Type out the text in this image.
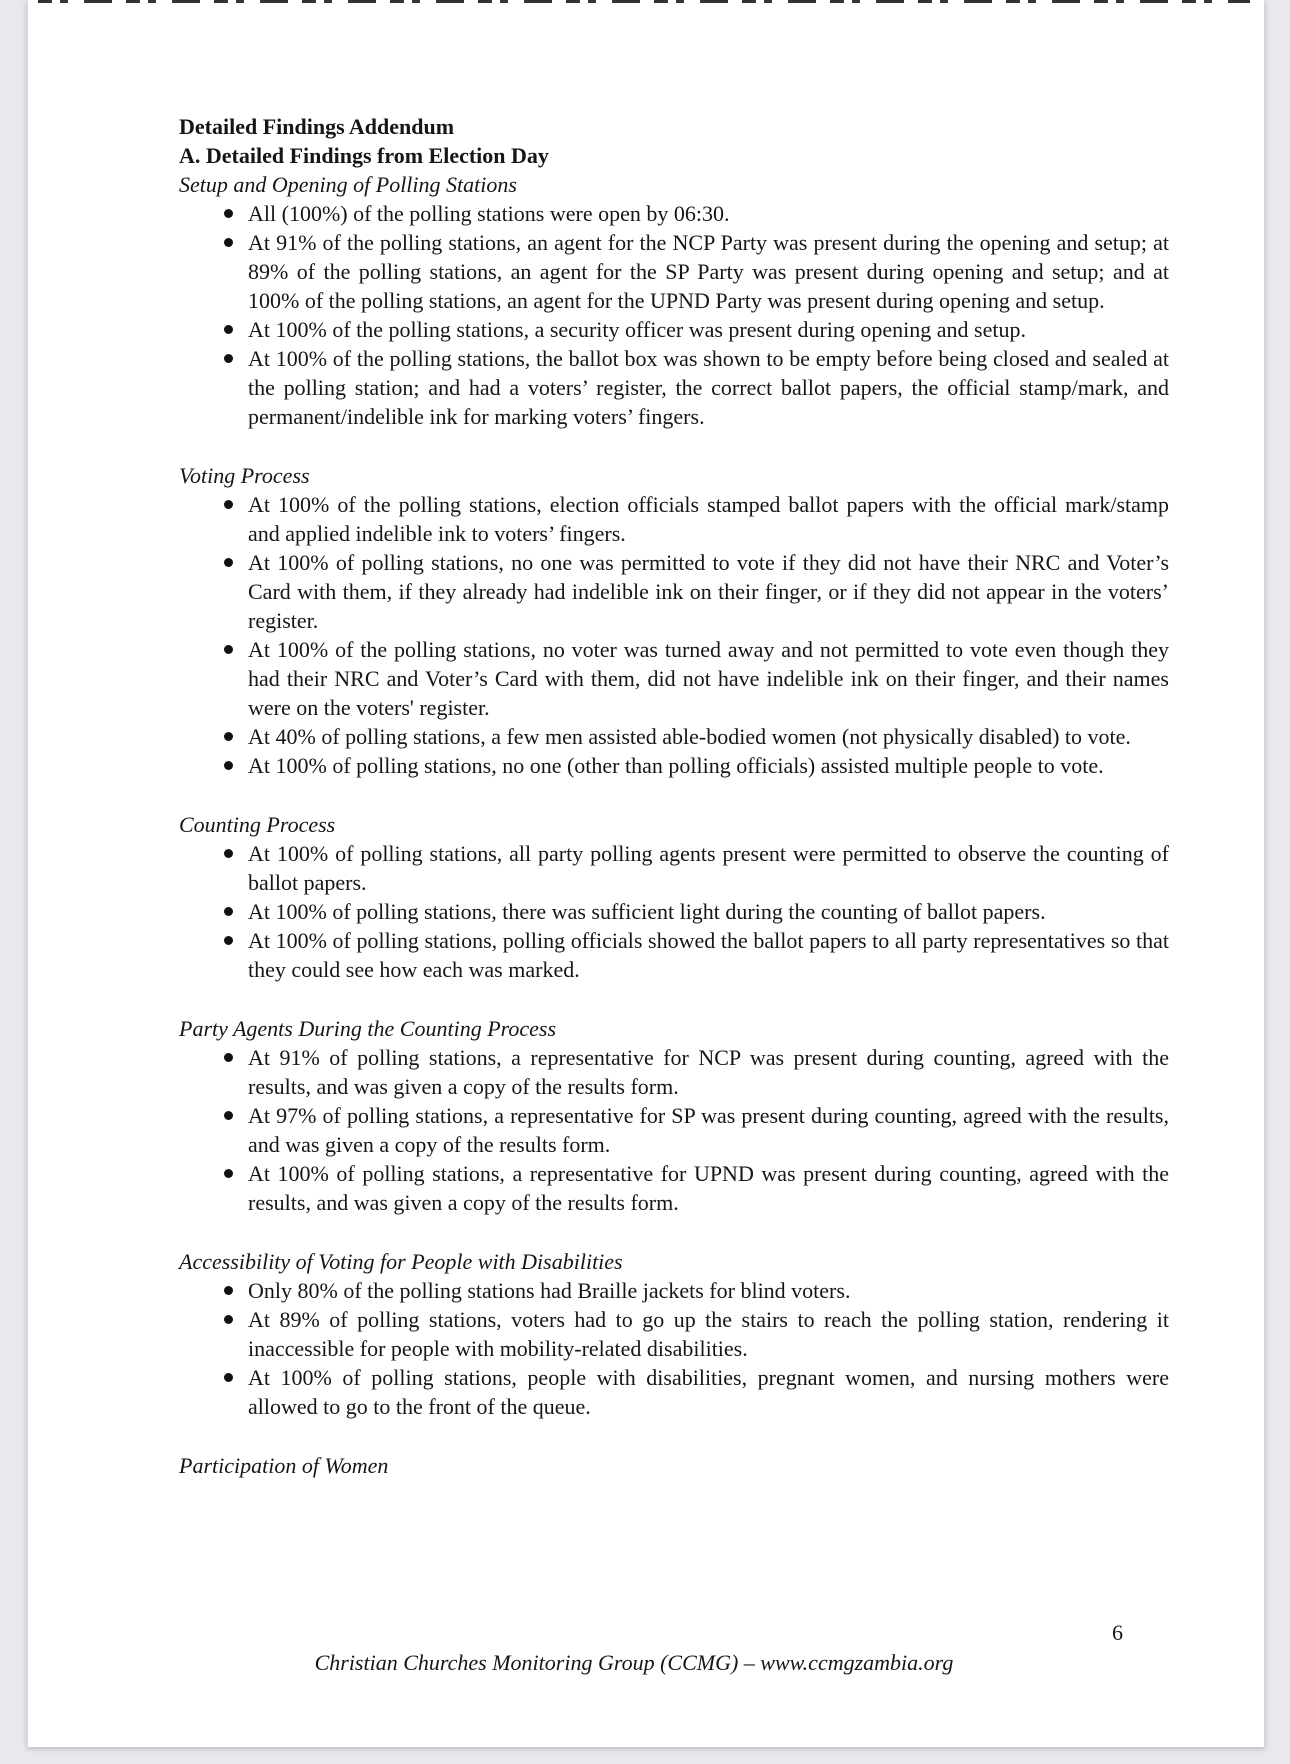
Detailed Findings Addendum
A. Detailed Findings from Election Day
Setup and Opening of Polling Stations
All (100%) of the polling stations were open by 06:30.
At 91% of the polling stations, an agent for the NCP Party was present during the opening and setup; at 89% of the polling stations, an agent for the SP Party was present during opening and setup; and at 100% of the polling stations, an agent for the UPND Party was present during opening and setup.
At 100% of the polling stations, a security officer was present during opening and setup.
At 100% of the polling stations, the ballot box was shown to be empty before being closed and sealed at the polling station; and had a voters’ register, the correct ballot papers, the official stamp/mark, and permanent/indelible ink for marking voters’ fingers.
Voting Process
At 100% of the polling stations, election officials stamped ballot papers with the official mark/stamp and applied indelible ink to voters’ fingers.
At 100% of polling stations, no one was permitted to vote if they did not have their NRC and Voter’s Card with them, if they already had indelible ink on their finger, or if they did not appear in the voters’ register.
At 100% of the polling stations, no voter was turned away and not permitted to vote even though they had their NRC and Voter’s Card with them, did not have indelible ink on their finger, and their names were on the voters' register.
At 40% of polling stations, a few men assisted able-bodied women (not physically disabled) to vote.
At 100% of polling stations, no one (other than polling officials) assisted multiple people to vote.
Counting Process
At 100% of polling stations, all party polling agents present were permitted to observe the counting of ballot papers.
At 100% of polling stations, there was sufficient light during the counting of ballot papers.
At 100% of polling stations, polling officials showed the ballot papers to all party representatives so that they could see how each was marked.
Party Agents During the Counting Process
At 91% of polling stations, a representative for NCP was present during counting, agreed with the results, and was given a copy of the results form.
At 97% of polling stations, a representative for SP was present during counting, agreed with the results, and was given a copy of the results form.
At 100% of polling stations, a representative for UPND was present during counting, agreed with the results, and was given a copy of the results form.
Accessibility of Voting for People with Disabilities
Only 80% of the polling stations had Braille jackets for blind voters.
At 89% of polling stations, voters had to go up the stairs to reach the polling station, rendering it inaccessible for people with mobility-related disabilities.
At 100% of polling stations, people with disabilities, pregnant women, and nursing mothers were allowed to go to the front of the queue.
Participation of Women
6
Christian Churches Monitoring Group (CCMG) – www.ccmgzambia.org
